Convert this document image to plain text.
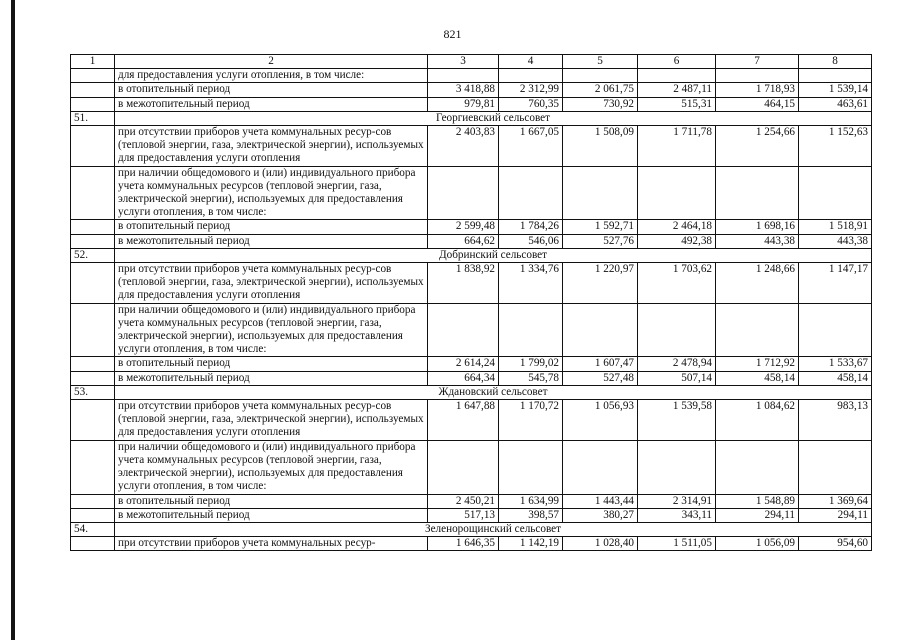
821
1	2	3	4	5	6	7	8
	для предоставления услуги отопления, в том числе:						
	в отопительный период	3 418,88	2 312,99	2 061,75	2 487,11	1 718,93	1 539,14
	в межотопительный период	979,81	760,35	730,92	515,31	464,15	463,61
51.	Георгиевский сельсовет						
	при отсутствии приборов учета коммунальных ресур-сов (тепловой энергии, газа, электрической энергии), используемых для предоставления услуги отопления	2 403,83	1 667,05	1 508,09	1 711,78	1 254,66	1 152,63
	при наличии общедомового и (или) индивидуального прибора учета коммунальных ресурсов (тепловой энергии, газа, электрической энергии), используемых для предоставления услуги отопления, в том числе:						
	в отопительный период	2 599,48	1 784,26	1 592,71	2 464,18	1 698,16	1 518,91
	в межотопительный период	664,62	546,06	527,76	492,38	443,38	443,38
52.	Добринский сельсовет						
	при отсутствии приборов учета коммунальных ресур-сов (тепловой энергии, газа, электрической энергии), используемых для предоставления услуги отопления	1 838,92	1 334,76	1 220,97	1 703,62	1 248,66	1 147,17
	при наличии общедомового и (или) индивидуального прибора учета коммунальных ресурсов (тепловой энергии, газа, электрической энергии), используемых для предоставления услуги отопления, в том числе:						
	в отопительный период	2 614,24	1 799,02	1 607,47	2 478,94	1 712,92	1 533,67
	в межотопительный период	664,34	545,78	527,48	507,14	458,14	458,14
53.	Ждановский сельсовет						
	при отсутствии приборов учета коммунальных ресур-сов (тепловой энергии, газа, электрической энергии), используемых для предоставления услуги отопления	1 647,88	1 170,72	1 056,93	1 539,58	1 084,62	983,13
	при наличии общедомового и (или) индивидуального прибора учета коммунальных ресурсов (тепловой энергии, газа, электрической энергии), используемых для предоставления услуги отопления, в том числе:						
	в отопительный период	2 450,21	1 634,99	1 443,44	2 314,91	1 548,89	1 369,64
	в межотопительный период	517,13	398,57	380,27	343,11	294,11	294,11
54.	Зеленорощинский сельсовет						
	при отсутствии приборов учета коммунальных ресур-	1 646,35	1 142,19	1 028,40	1 511,05	1 056,09	954,60
